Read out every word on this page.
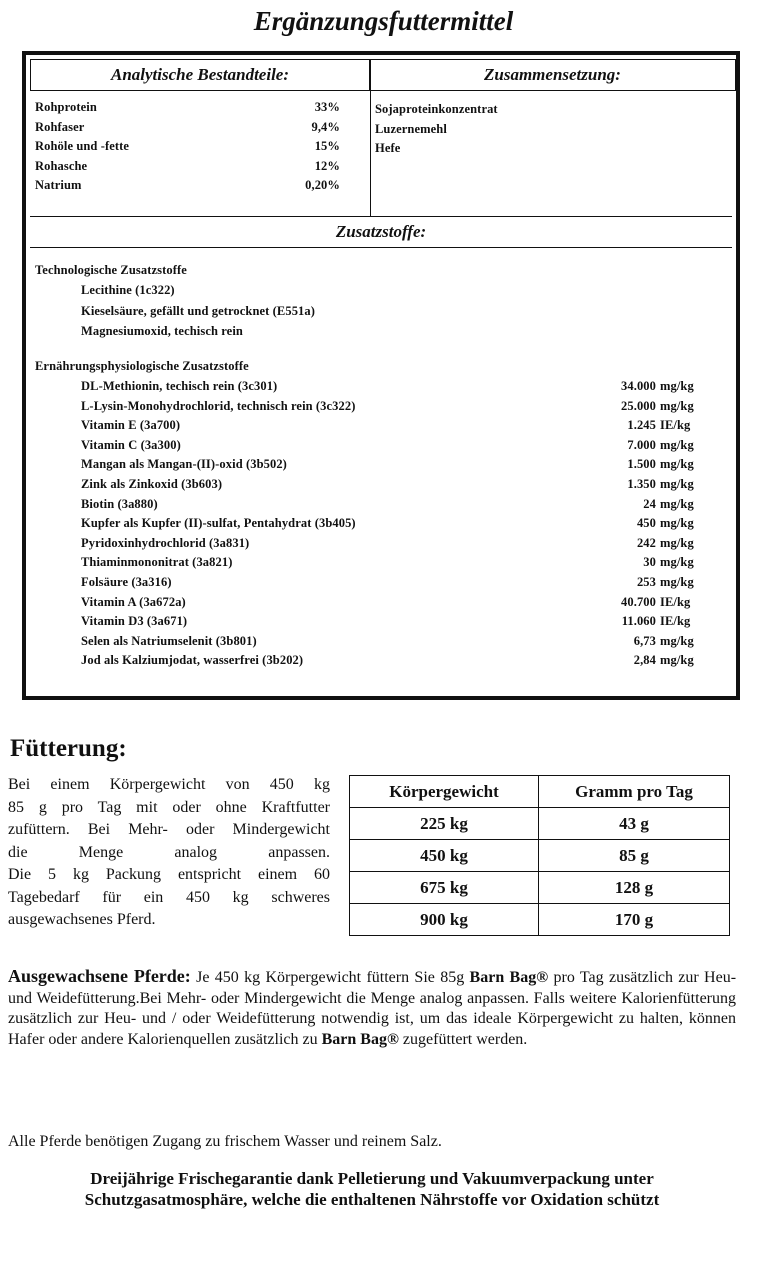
Ergänzungsfuttermittel
Analytische Bestandteile:	Zusammensetzung:
Rohprotein	33%
Rohfaser	9,4%
Rohöle und -fette	15%
Rohasche	12%
Natrium	0,20%
Sojaproteinkonzentrat
Luzernemehl
Hefe
Zusatzstoffe:
Technologische Zusatzstoffe
Lecithine (1c322)
Kieselsäure, gefällt und getrocknet (E551a)
Magnesiumoxid, techisch rein
Ernährungsphysiologische Zusatzstoffe
DL-Methionin, techisch rein (3c301)	34.000 mg/kg
L-Lysin-Monohydrochlorid, technisch rein (3c322)	25.000 mg/kg
Vitamin E (3a700)	1.245 IE/kg
Vitamin C (3a300)	7.000 mg/kg
Mangan als Mangan-(II)-oxid (3b502)	1.500 mg/kg
Zink als Zinkoxid (3b603)	1.350 mg/kg
Biotin (3a880)	24 mg/kg
Kupfer als Kupfer (II)-sulfat, Pentahydrat (3b405)	450 mg/kg
Pyridoxinhydrochlorid (3a831)	242 mg/kg
Thiaminmononitrat (3a821)	30 mg/kg
Folsäure (3a316)	253 mg/kg
Vitamin A (3a672a)	40.700 IE/kg
Vitamin D3 (3a671)	11.060 IE/kg
Selen als Natriumselenit (3b801)	6,73 mg/kg
Jod als Kalziumjodat, wasserfrei (3b202)	2,84 mg/kg
Fütterung:
Bei einem Körpergewicht von 450 kg
85 g pro Tag mit oder ohne Kraftfutter
zufüttern. Bei Mehr- oder Mindergewicht
die Menge analog anpassen.
Die 5 kg Packung entspricht einem 60
Tagebedarf für ein 450 kg schweres
ausgewachsenes Pferd.
Körpergewicht	Gramm pro Tag
225 kg	43 g
450 kg	85 g
675 kg	128 g
900 kg	170 g
Ausgewachsene Pferde: Je 450 kg Körpergewicht füttern Sie 85g Barn Bag® pro Tag zusätzlich zur Heu- und Weidefütterung.Bei Mehr- oder Mindergewicht die Menge analog anpassen. Falls weitere Kalorienfütterung zusätzlich zur Heu- und / oder Weidefütterung notwendig ist, um das ideale Körpergewicht zu halten, können Hafer oder andere Kalorienquellen zusätzlich zu Barn Bag® zugefüttert werden.
Alle Pferde benötigen Zugang zu frischem Wasser und reinem Salz.
Dreijährige Frischegarantie dank Pelletierung und Vakuumverpackung unter Schutzgasatmosphäre, welche die enthaltenen Nährstoffe vor Oxidation schützt
